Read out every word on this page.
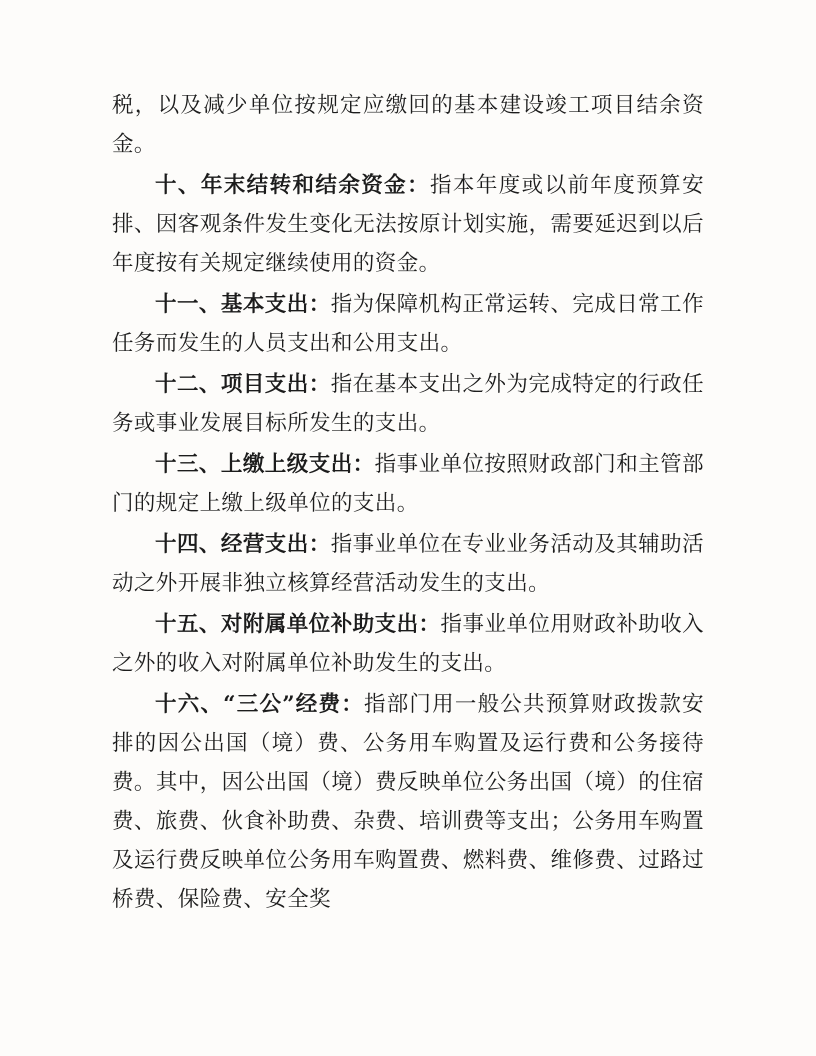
税，以及减少单位按规定应缴回的基本建设竣工项目结余资金。

十、年末结转和结余资金：指本年度或以前年度预算安排、因客观条件发生变化无法按原计划实施，需要延迟到以后年度按有关规定继续使用的资金。

十一、基本支出：指为保障机构正常运转、完成日常工作任务而发生的人员支出和公用支出。

十二、项目支出：指在基本支出之外为完成特定的行政任务或事业发展目标所发生的支出。

十三、上缴上级支出：指事业单位按照财政部门和主管部门的规定上缴上级单位的支出。

十四、经营支出：指事业单位在专业业务活动及其辅助活动之外开展非独立核算经营活动发生的支出。

十五、对附属单位补助支出：指事业单位用财政补助收入之外的收入对附属单位补助发生的支出。

十六、“三公”经费：指部门用一般公共预算财政拨款安排的因公出国（境）费、公务用车购置及运行费和公务接待费。其中，因公出国（境）费反映单位公务出国（境）的住宿费、旅费、伙食补助费、杂费、培训费等支出；公务用车购置及运行费反映单位公务用车购置费、燃料费、维修费、过路过桥费、保险费、安全奖
